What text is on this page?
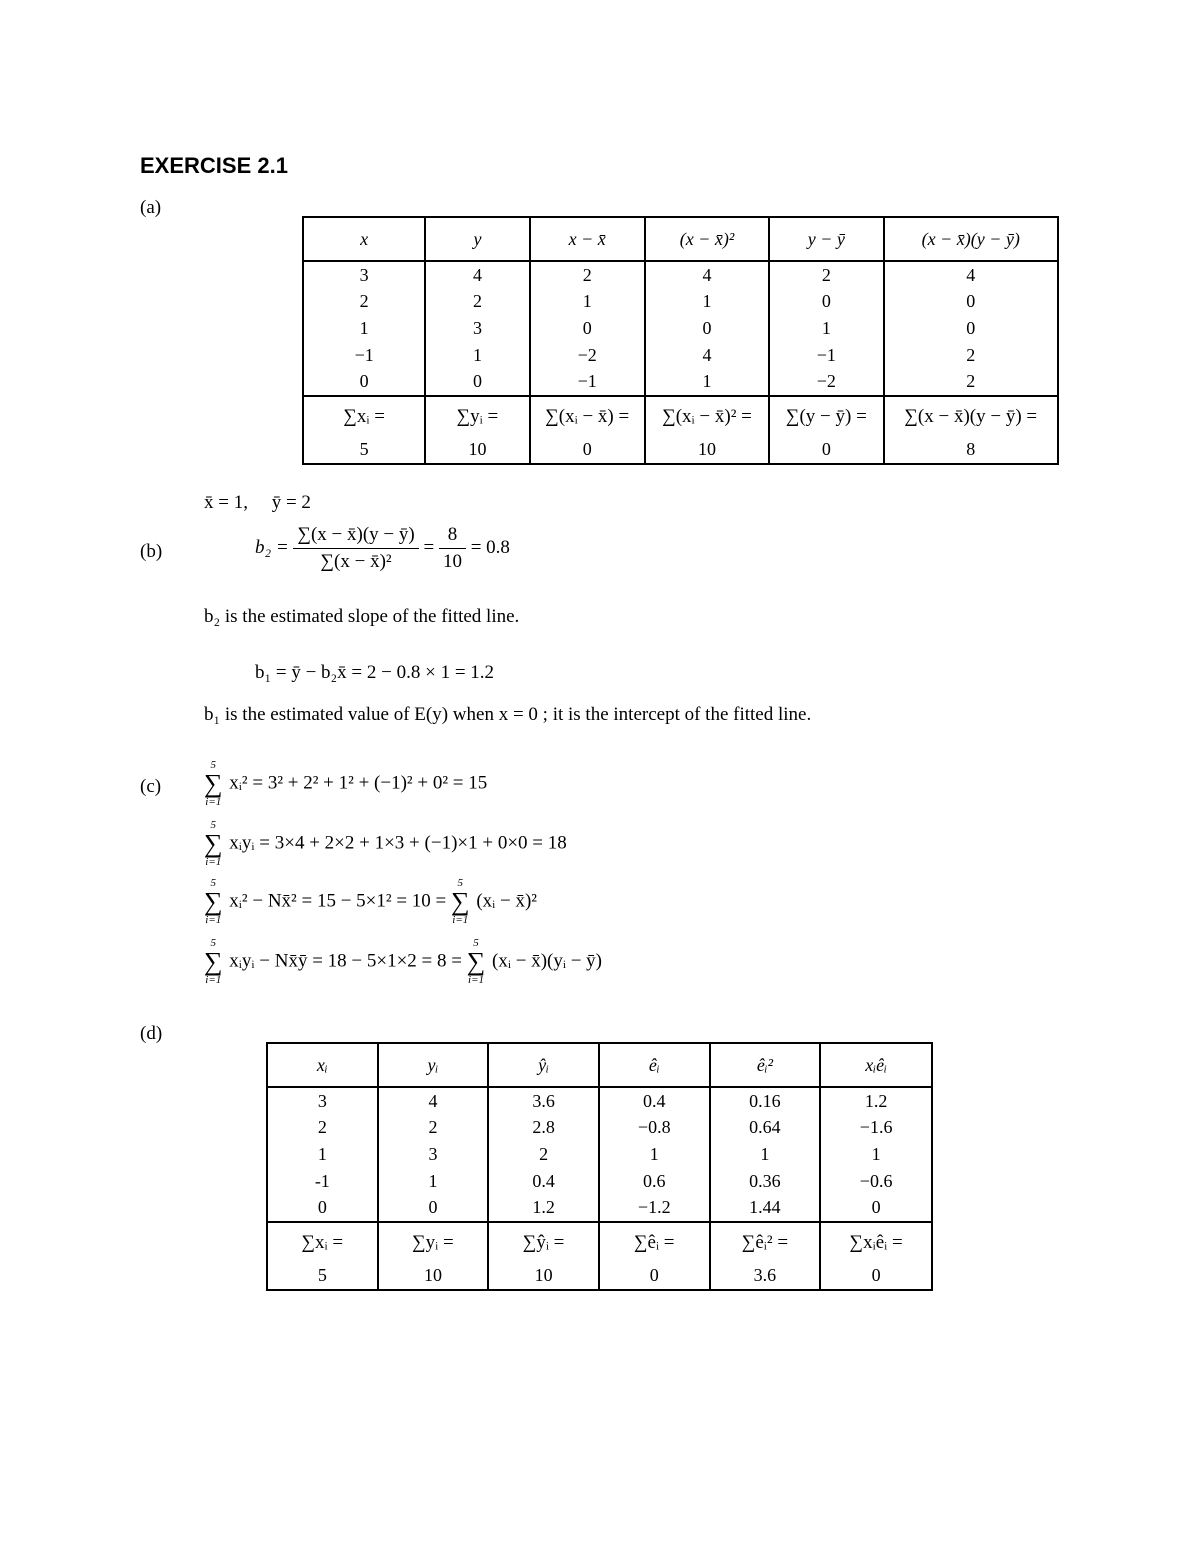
EXERCISE 2.1
(a)
x	y	x − x̄	(x − x̄)²	y − ȳ	(x − x̄)(y − ȳ)
3	4	2	4	2	4
2	2	1	1	0	0
1	3	0	0	1	0
−1	1	−2	4	−1	2
0	0	−1	1	−2	2
∑xᵢ =	∑yᵢ =	∑(xᵢ − x̄) =	∑(xᵢ − x̄)² =	∑(y − ȳ) =	∑(x − x̄)(y − ȳ) =
5	10	0	10	0	8
x̄ = 1,     ȳ = 2
(b)	$b_2 = \frac{\sum(x - x̄)(y - ȳ)}{\text{∑(x − x̄)²}} = \frac{8}{10} = 0.8$
b₂ is the estimated slope of the fitted line.
b₁ = ȳ − b₂x̄ = 2 − 0.8 × 1 = 1.2
b₁ is the estimated value of E(y) when x = 0 ; it is the intercept of the fitted line.
(c)
5
∑
i=1
xᵢ² = 3² + 2² + 1² + (−1)² + 0² = 15
5
∑
i=1
xᵢyᵢ = 3×4 + 2×2 + 1×3 + (−1)×1 + 0×0 = 18
5
∑
i=1
xᵢ² − Nx̄² = 15 − 5×1² = 10 =
5
∑
i=1
(xᵢ − x̄)²
5
∑
i=1
xᵢyᵢ − Nx̄ȳ = 18 − 5×1×2 = 8 =
5
∑
i=1
(xᵢ − x̄)(yᵢ − ȳ)
(d)
xᵢ	yᵢ	ŷᵢ	êᵢ	êᵢ²	xᵢêᵢ
3	4	3.6	0.4	0.16	1.2
2	2	2.8	−0.8	0.64	−1.6
1	3	2	1	1	1
-1	1	0.4	0.6	0.36	−0.6
0	0	1.2	−1.2	1.44	0
∑xᵢ =	∑yᵢ =	∑ŷᵢ =	∑êᵢ =	∑êᵢ² =	∑xᵢêᵢ =
5	10	10	0	3.6	0
